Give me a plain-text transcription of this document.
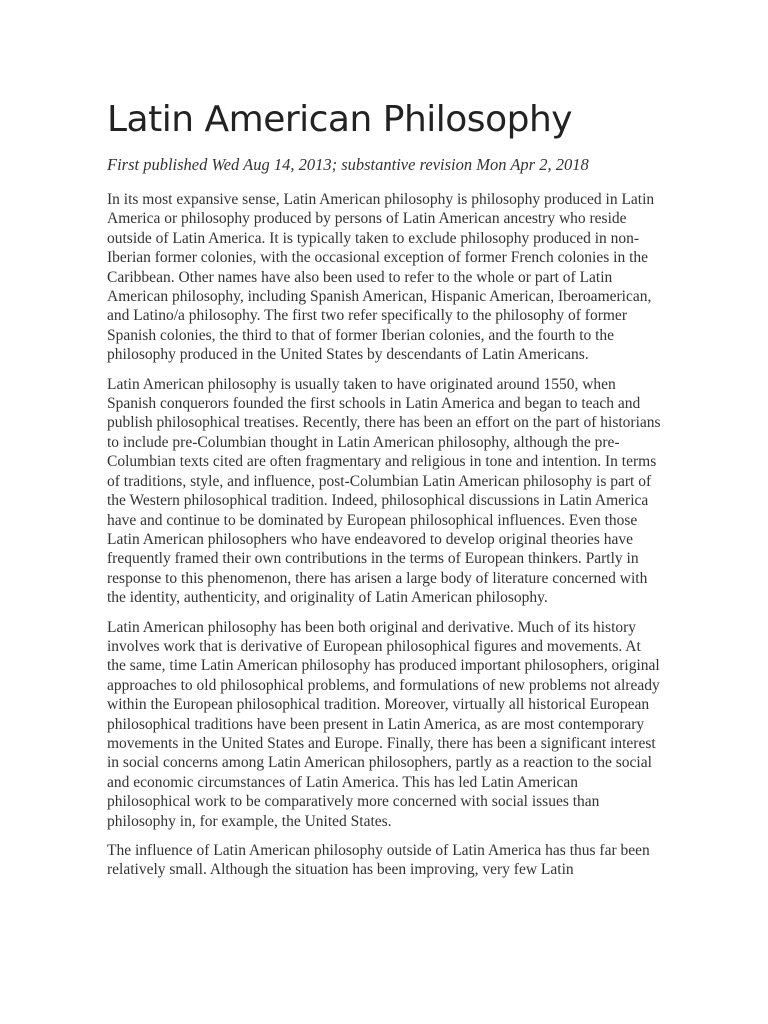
Latin American Philosophy
First published Wed Aug 14, 2013; substantive revision Mon Apr 2, 2018

In its most expansive sense, Latin American philosophy is philosophy produced in Latin America or philosophy produced by persons of Latin American ancestry who reside outside of Latin America. It is typically taken to exclude philosophy produced in non-Iberian former colonies, with the occasional exception of former French colonies in the Caribbean. Other names have also been used to refer to the whole or part of Latin American philosophy, including Spanish American, Hispanic American, Iberoamerican, and Latino/a philosophy. The first two refer specifically to the philosophy of former Spanish colonies, the third to that of former Iberian colonies, and the fourth to the philosophy produced in the United States by descendants of Latin Americans.

Latin American philosophy is usually taken to have originated around 1550, when Spanish conquerors founded the first schools in Latin America and began to teach and publish philosophical treatises. Recently, there has been an effort on the part of historians to include pre-Columbian thought in Latin American philosophy, although the pre-Columbian texts cited are often fragmentary and religious in tone and intention. In terms of traditions, style, and influence, post-Columbian Latin American philosophy is part of the Western philosophical tradition. Indeed, philosophical discussions in Latin America have and continue to be dominated by European philosophical influences. Even those Latin American philosophers who have endeavored to develop original theories have frequently framed their own contributions in the terms of European thinkers. Partly in response to this phenomenon, there has arisen a large body of literature concerned with the identity, authenticity, and originality of Latin American philosophy.

Latin American philosophy has been both original and derivative. Much of its history involves work that is derivative of European philosophical figures and movements. At the same, time Latin American philosophy has produced important philosophers, original approaches to old philosophical problems, and formulations of new problems not already within the European philosophical tradition. Moreover, virtually all historical European philosophical traditions have been present in Latin America, as are most contemporary movements in the United States and Europe. Finally, there has been a significant interest in social concerns among Latin American philosophers, partly as a reaction to the social and economic circumstances of Latin America. This has led Latin American philosophical work to be comparatively more concerned with social issues than philosophy in, for example, the United States.

The influence of Latin American philosophy outside of Latin America has thus far been relatively small. Although the situation has been improving, very few Latin
